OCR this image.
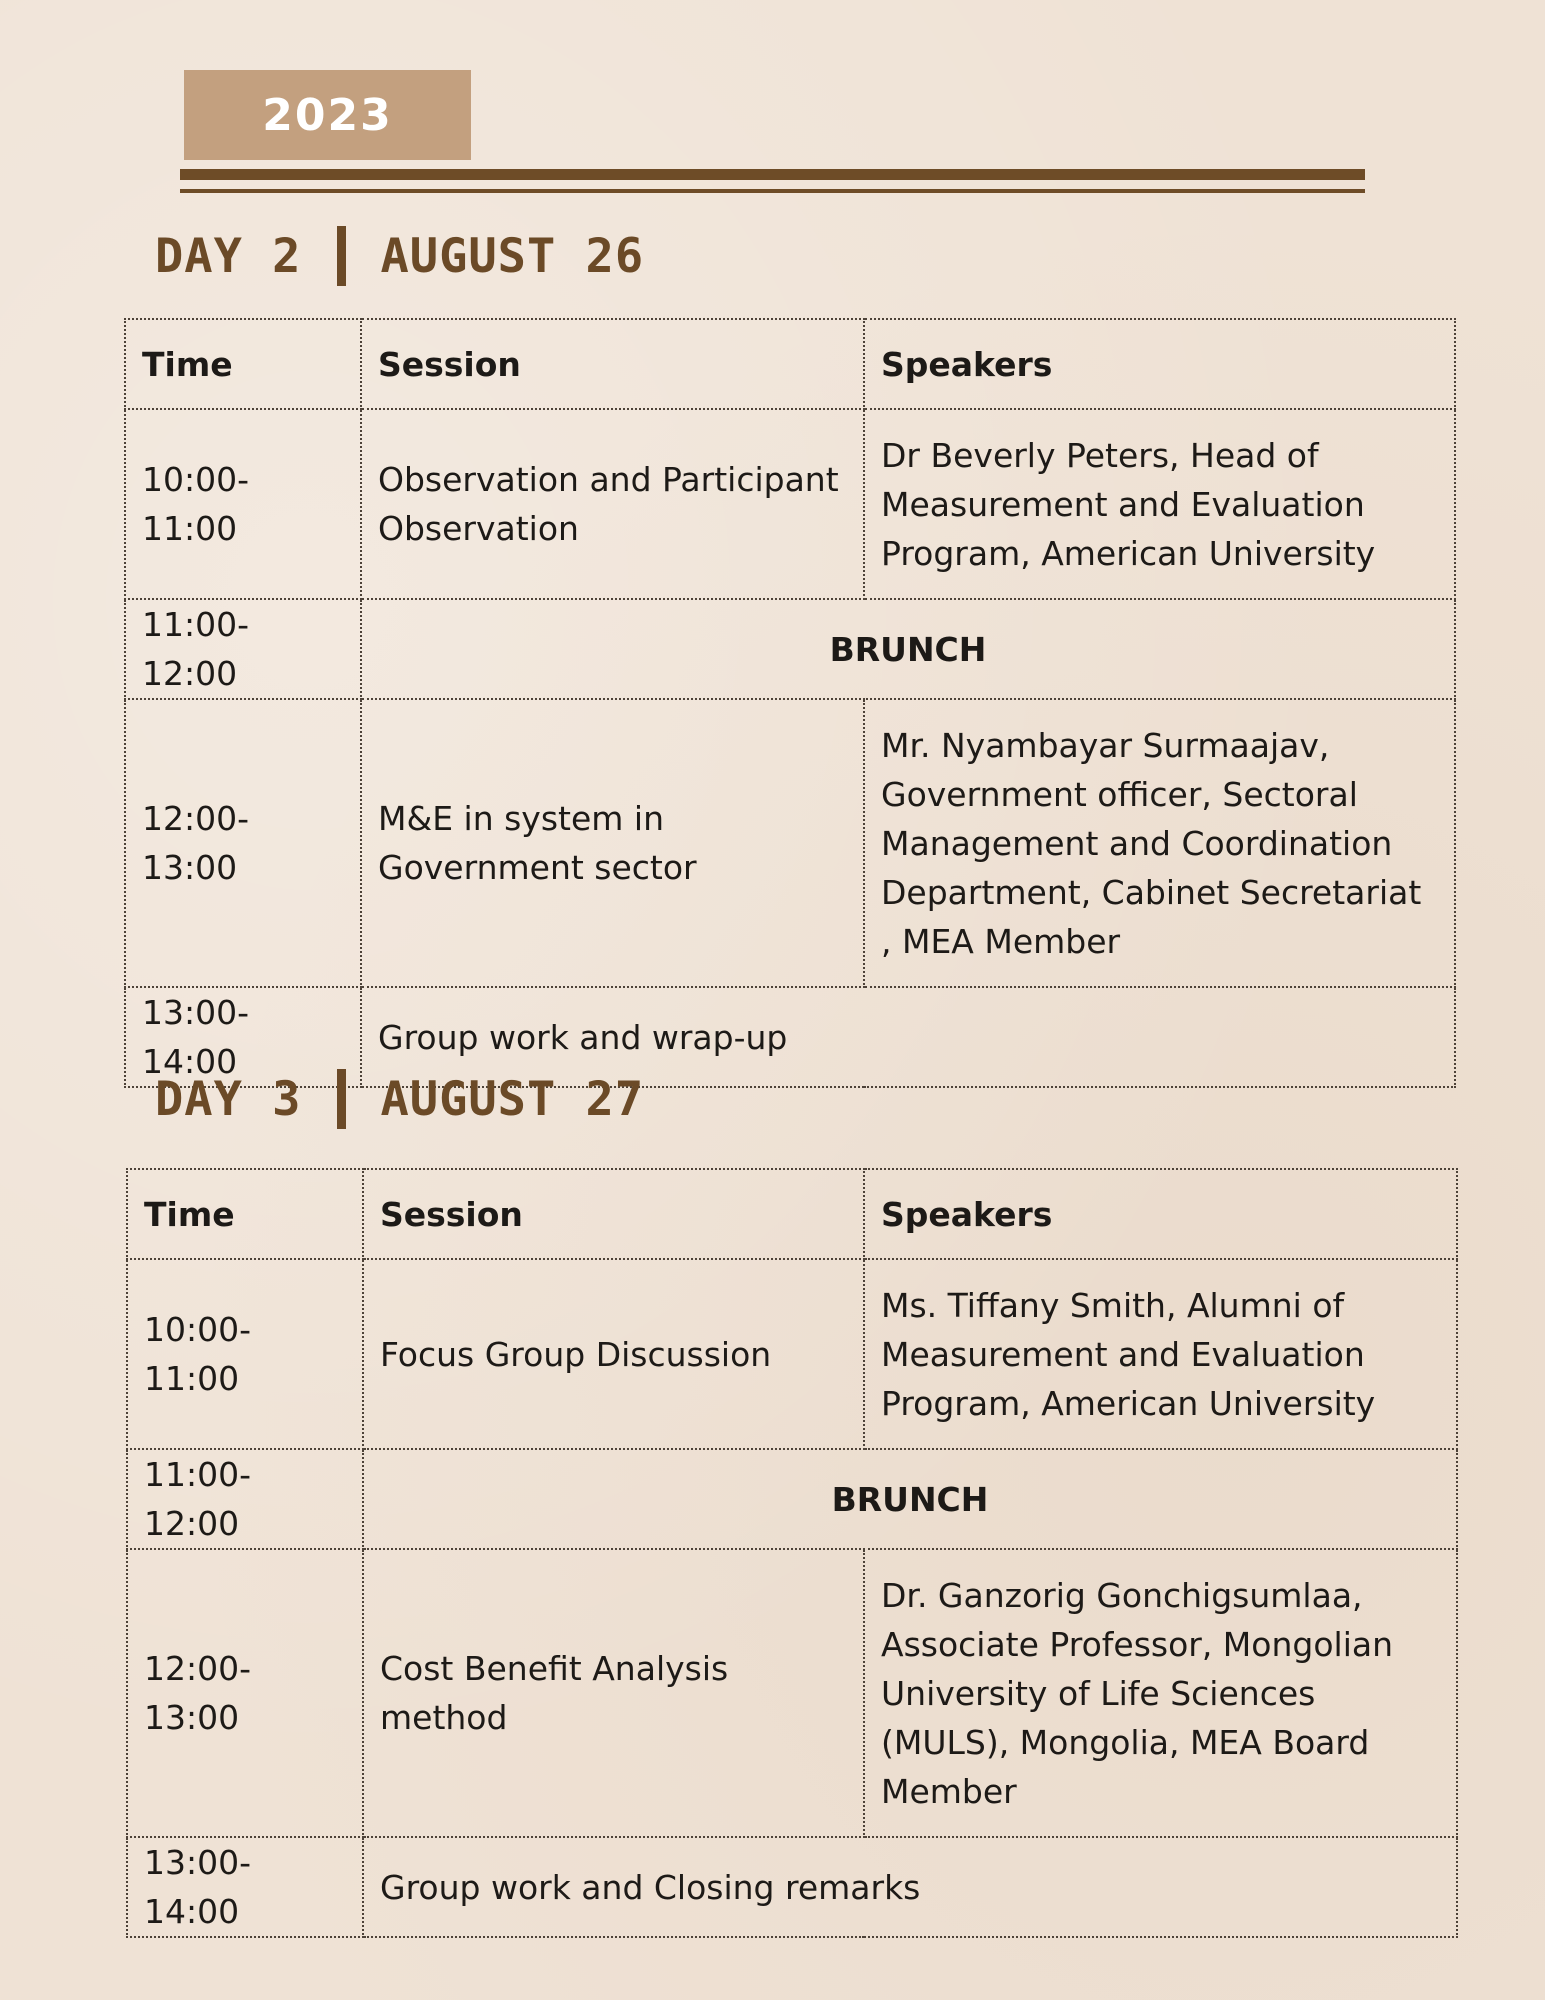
2023
DAY 2 AUGUST 26
Time	Session	Speakers
10:00-11:00	Observation and Participant Observation	Dr Beverly Peters, Head of Measurement and Evaluation Program, American University
11:00-12:00	BRUNCH	
12:00-13:00	M&E in system in Government sector	Mr. Nyambayar Surmaajav, Government officer, Sectoral Management and Coordination Department, Cabinet Secretariat , MEA Member
13:00-14:00	Group work and wrap-up	
DAY 3 AUGUST 27
Time	Session	Speakers
10:00-11:00	Focus Group Discussion	Ms. Tiffany Smith, Alumni of Measurement and Evaluation Program, American University
11:00-12:00	BRUNCH	
12:00-13:00	Cost Benefit Analysis method	Dr. Ganzorig Gonchigsumlaa, Associate Professor, Mongolian University of Life Sciences (MULS), Mongolia, MEA Board Member
13:00-14:00	Group work and Closing remarks	
